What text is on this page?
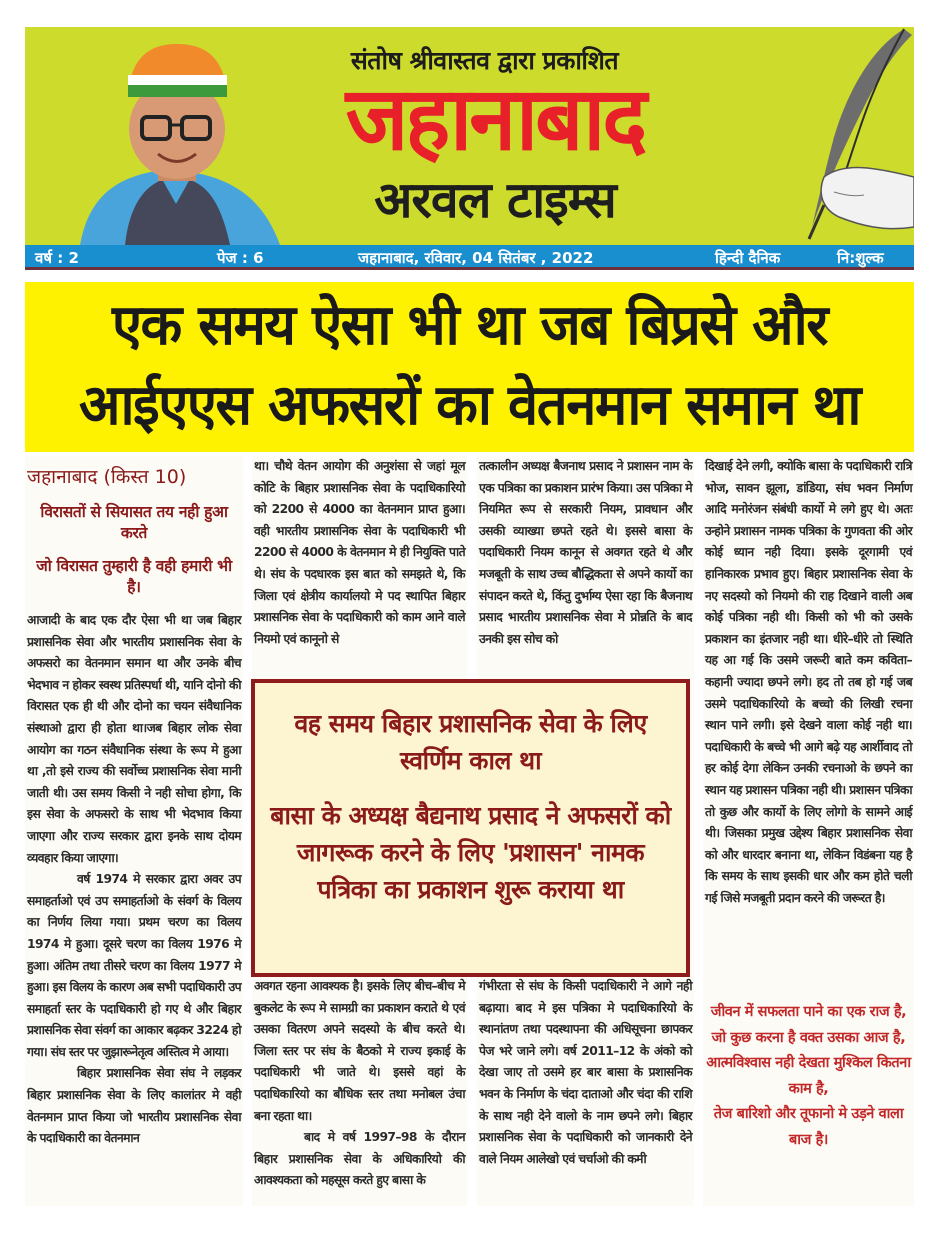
संतोष श्रीवास्तव द्वारा प्रकाशित
जहानाबाद
अरवल टाइम्स
वर्ष : 2	पेज : 6	जहानाबाद, रविवार, 04 सितंबर , 2022	हिन्दी दैनिक	नि:शुल्क
एक समय ऐसा भी था जब बिप्रसे और
आईएएस अफसरों का वेतनमान समान था
जहानाबाद (किस्त 10)
विरासतों से सियासत तय नही हुआ करते
जो विरासत तुम्हारी है वही हमारी भी है।

आजादी के बाद एक दौर ऐसा भी था जब बिहार प्रशासनिक सेवा और भारतीय प्रशासनिक सेवा के अफसरो का वेतनमान समान था और उनके बीच भेदभाव न होकर स्वस्थ प्रतिस्पर्धा थी, यानि दोनो की विरासत एक ही थी और दोनो का चयन संवैधानिक संस्थाओ द्वारा ही होता था।जब बिहार लोक सेवा आयोग का गठन संवैधानिक संस्था के रूप मे हुआ था ,तो इसे राज्य की सर्वोच्च प्रशासनिक सेवा मानी जाती थी। उस समय किसी ने नही सोचा होगा, कि इस सेवा के अफसरो के साथ भी भेदभाव किया जाएगा और राज्य सरकार द्वारा इनके साथ दोयम व्यवहार किया जाएगा।

वर्ष 1974 मे सरकार द्वारा अवर उप समाहर्ताओ एवं उप समाहर्ताओ के संवर्ग के विलय का निर्णय लिया गया। प्रथम चरण का विलय 1974 मे हुआ। दूसरे चरण का विलय 1976 मे हुआ। अंतिम तथा तीसरे चरण का विलय 1977 मे हुआ। इस विलय के कारण अब सभी पदाधिकारी उप समाहर्ता स्तर के पदाधिकारी हो गए थे और बिहार प्रशासनिक सेवा संवर्ग का आकार बढ़कर 3224 हो गया। संघ स्तर पर जुझारूनेतृत्व अस्तित्व मे आया।

बिहार प्रशासनिक सेवा संघ ने लड़कर बिहार प्रशासनिक सेवा के लिए कालांतर मे वही वेतनमान प्राप्त किया जो भारतीय प्रशासनिक सेवा के पदाधिकारी का वेतनमान

था। चौथे वेतन आयोग की अनुशंसा से जहां मूल कोटि के बिहार प्रशासनिक सेवा के पदाधिकारियो को 2200 से 4000 का वेतनमान प्राप्त हुआ। वही भारतीय प्रशासनिक सेवा के पदाधिकारी भी 2200 से 4000 के वेतनमान मे ही नियुक्ति पाते थे। संघ के पदधारक इस बात को समझते थे, कि जिला एवं क्षेत्रीय कार्यालयो मे पद स्थापित बिहार प्रशासनिक सेवा के पदाधिकारी को काम आने वाले नियमो एवं कानूनो से

अवगत रहना आवश्यक है। इसके लिए बीच–बीच मे बुकलेट के रूप मे सामग्री का प्रकाशन कराते थे एवं उसका वितरण अपने सदस्यो के बीच करते थे। जिला स्तर पर संघ के बैठको मे राज्य इकाई के पदाधिकारी भी जाते थे। इससे वहां के पदाधिकारियो का बौधिक स्तर तथा मनोबल उंचा बना रहता था।

बाद मे वर्ष 1997–98 के दौरान बिहार प्रशासनिक सेवा के अधिकारियो की आवश्यकता को महसूस करते हुए बासा के

तत्कालीन अध्यक्ष बैजनाथ प्रसाद ने प्रशासन नाम के एक पत्रिका का प्रकाशन प्रारंभ किया। उस पत्रिका मे नियमित रूप से सरकारी नियम, प्रावधान और उसकी व्याख्या छपते रहते थे। इससे बासा के पदाधिकारी नियम कानून से अवगत रहते थे और मजबूती के साथ उच्च बौद्धिकता से अपने कार्यो का संपादन करते थे, किंतु दुर्भाग्य ऐसा रहा कि बैजनाथ प्रसाद भारतीय प्रशासनिक सेवा मे प्रोन्नति के बाद उनकी इस सोच को

गंभीरता से संघ के किसी पदाधिकारी ने आगे नही बढ़ाया। बाद मे इस पत्रिका मे पदाधिकारियो के स्थानांतण तथा पदस्थापना की अधिसूचना छापकर पेज भरे जाने लगे। वर्ष 2011–12 के अंको को देखा जाए तो उसमे हर बार बासा के प्रशासनिक भवन के निर्माण के चंदा दाताओ और चंदा की राशि के साथ नही देने वालो के नाम छपने लगे। बिहार प्रशासनिक सेवा के पदाधिकारी को जानकारी देने वाले नियम आलेखो एवं चर्चाओ की कमी

दिखाई देने लगी, क्योकि बासा के पदाधिकारी रात्रि भोज, सावन झूला, डांडिया, संघ भवन निर्माण आदि मनोरंजन संबंधी कार्यो मे लगे हुए थे। अतः उन्होने प्रशासन नामक पत्रिका के गुणवता की ओर कोई ध्यान नही दिया। इसके दूरगामी एवं हानिकारक प्रभाव हुए। बिहार प्रशासनिक सेवा के नए सदस्यो को नियमो की राह दिखाने वाली अब कोई पत्रिका नही थी। किसी को भी को उसके प्रकाशन का इंतजार नही था। धीरे–धीरे तो स्थिति यह आ गई कि उसमे जरूरी बाते कम कविता–कहानी ज्यादा छपने लगे। हद तो तब हो गई जब उसमे पदाधिकारियो के बच्चो की लिखी रचना स्थान पाने लगी। इसे देखने वाला कोई नही था। पदाधिकारी के बच्चे भी आगे बढ़े यह आर्शीवाद तो हर कोई देगा लेकिन उनकी रचनाओ के छपने का स्थान यह प्रशासन पत्रिका नही थी। प्रशासन पत्रिका तो कुछ और कार्यो के लिए लोगो के सामने आई थी। जिसका प्रमुख उद्देश्य बिहार प्रशासनिक सेवा को और धारदार बनाना था, लेकिन विडंबना यह है कि समय के साथ इसकी धार और कम होते चली गई जिसे मजबूती प्रदान करने की जरूरत है।

वह समय बिहार प्रशासनिक सेवा के लिए स्वर्णिम काल था

बासा के अध्यक्ष बैद्यनाथ प्रसाद ने अफसरों को जागरूक करने के लिए 'प्रशासन' नामक पत्रिका का प्रकाशन शुरू कराया था

जीवन में सफलता पाने का एक राज है,
जो कुछ करना है वक्त उसका आज है,
आत्मविश्वास नही देखता मुश्किल कितना काम है,
तेज बारिशो और तूफानो मे उड़ने वाला बाज है।
